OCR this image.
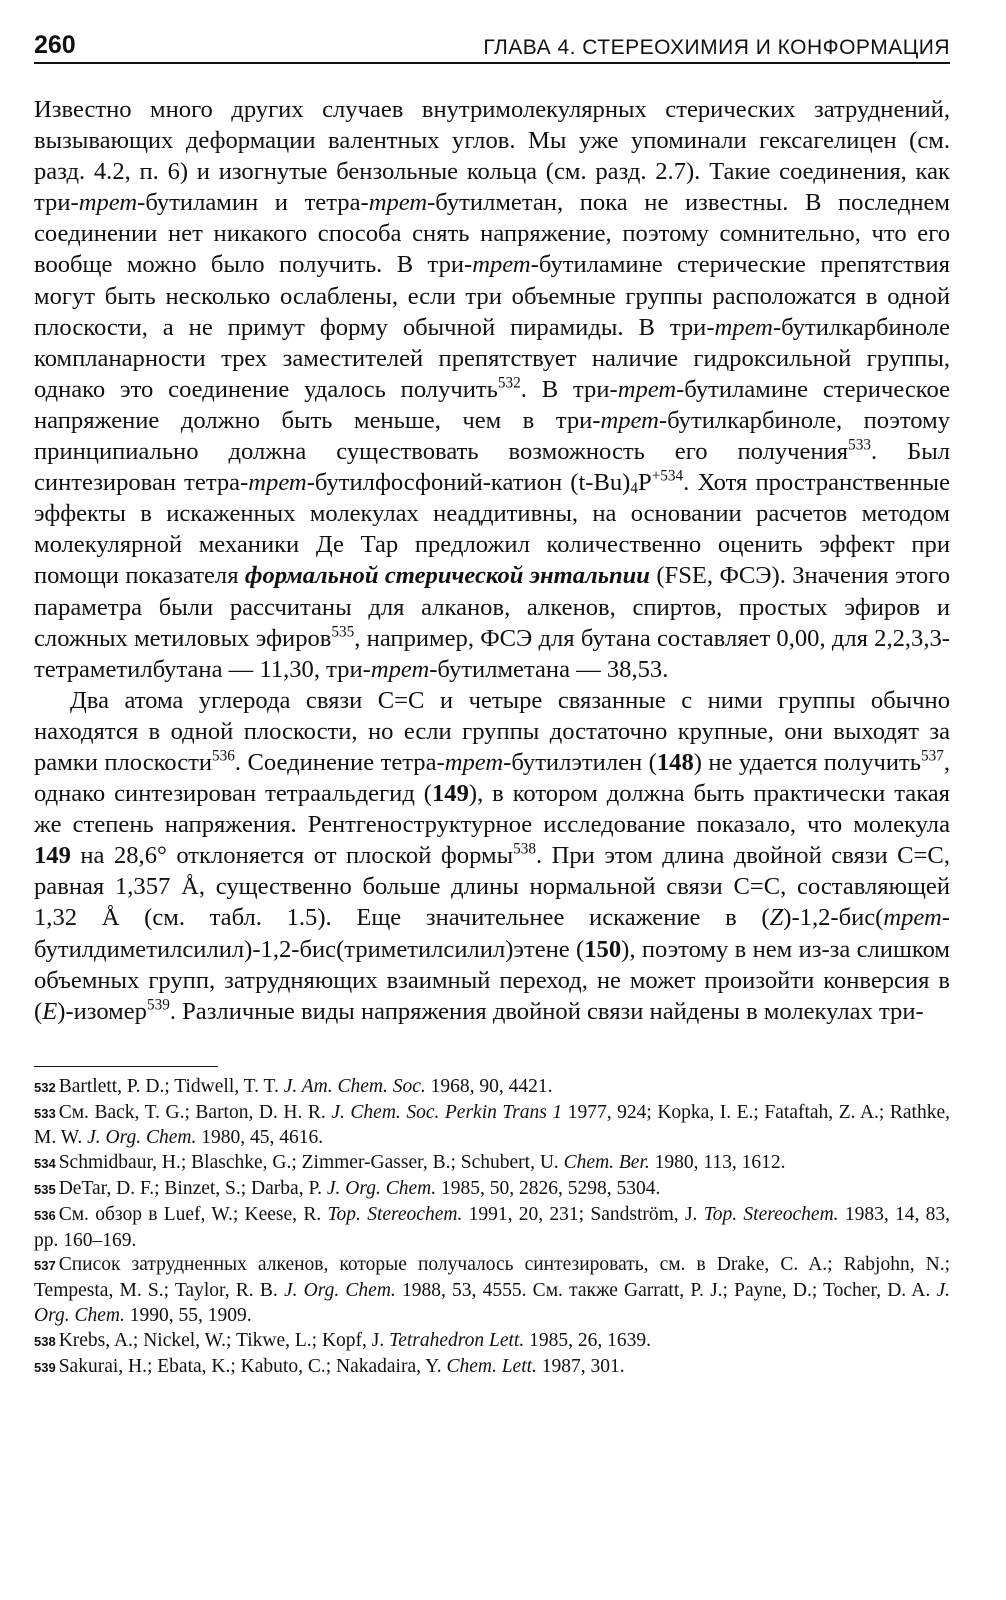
260	ГЛАВА 4. СТЕРЕОХИМИЯ И КОНФОРМАЦИЯ

Известно много других случаев внутримолекулярных стерических затруднений, вызывающих деформации валентных углов. Мы уже упоминали гексагелицен (см. разд. 4.2, п. 6) и изогнутые бензольные кольца (см. разд. 2.7). Такие соединения, как три-трет-бутиламин и тетра-трет-бутилметан, пока не известны. В последнем соединении нет никакого способа снять напряжение, поэтому сомнительно, что его вообще можно было получить. В три-трет-бутиламине стерические препятствия могут быть несколько ослаблены, если три объемные группы расположатся в одной плоскости, а не примут форму обычной пирамиды. В три-трет-бутилкарбиноле компланарности трех заместителей препятствует наличие гидроксильной группы, однако это соединение удалось получить$^{532}$. В три-трет-бутиламине стерическое напряжение должно быть меньше, чем в три-трет-бутилкарбиноле, поэтому принципиально должна существовать возможность его получения$^{533}$. Был синтезирован тетра-трет-бутилфосфоний-катион $(t-Bu)_4P^{+534}$. Хотя пространственные эффекты в искаженных молекулах неаддитивны, на основании расчетов методом молекулярной механики Де Тар предложил количественно оценить эффект при помощи показателя формальной стерической энтальпии (FSE, ФСЭ). Значения этого параметра были рассчитаны для алканов, алкенов, спиртов, простых эфиров и сложных метиловых эфиров$^{535}$, например, ФСЭ для бутана составляет 0,00, для 2,2,3,3-тетраметилбутана — 11,30, три-трет-бутилметана — 38,53.

Два атома углерода связи C=C и четыре связанные с ними группы обычно находятся в одной плоскости, но если группы достаточно крупные, они выходят за рамки плоскости$^{536}$. Соединение тетра-трет-бутилэтилен (148) не удается получить$^{537}$, однако синтезирован тетраальдегид (149), в котором должна быть практически такая же степень напряжения. Рентгеноструктурное исследование показало, что молекула 149 на 28,6° отклоняется от плоской формы$^{538}$. При этом длина двойной связи C=C, равная 1,357 Å, существенно больше длины нормальной связи C=C, составляющей 1,32 Å (см. табл. 1.5). Еще значительнее искажение в (Z)-1,2-бис(трет-бутилдиметилсилил)-1,2-бис(триметилсилил)этене (150), поэтому в нем из-за слишком объемных групп, затрудняющих взаимный переход, не может произойти конверсия в (E)-изомер$^{539}$. Различные виды напряжения двойной связи найдены в молекулах три-

532 Bartlett, P. D.; Tidwell, T. T. J. Am. Chem. Soc. 1968, 90, 4421.

533 См. Back, T. G.; Barton, D. H. R. J. Chem. Soc. Perkin Trans 1 1977, 924; Kopka, I. E.; Fataftah, Z. A.; Rathke, M. W. J. Org. Chem. 1980, 45, 4616.

534 Schmidbaur, H.; Blaschke, G.; Zimmer-Gasser, B.; Schubert, U. Chem. Ber. 1980, 113, 1612.

535 DeTar, D. F.; Binzet, S.; Darba, P. J. Org. Chem. 1985, 50, 2826, 5298, 5304.

536 См. обзор в Luef, W.; Keese, R. Top. Stereochem. 1991, 20, 231; Sandström, J. Top. Stereochem. 1983, 14, 83, pp. 160–169.

537 Список затрудненных алкенов, которые получалось синтезировать, см. в Drake, C. A.; Rabjohn, N.; Tempesta, M. S.; Taylor, R. B. J. Org. Chem. 1988, 53, 4555. См. также Garratt, P. J.; Payne, D.; Tocher, D. A. J. Org. Chem. 1990, 55, 1909.

538 Krebs, A.; Nickel, W.; Tikwe, L.; Kopf, J. Tetrahedron Lett. 1985, 26, 1639.

539 Sakurai, H.; Ebata, K.; Kabuto, C.; Nakadaira, Y. Chem. Lett. 1987, 301.
